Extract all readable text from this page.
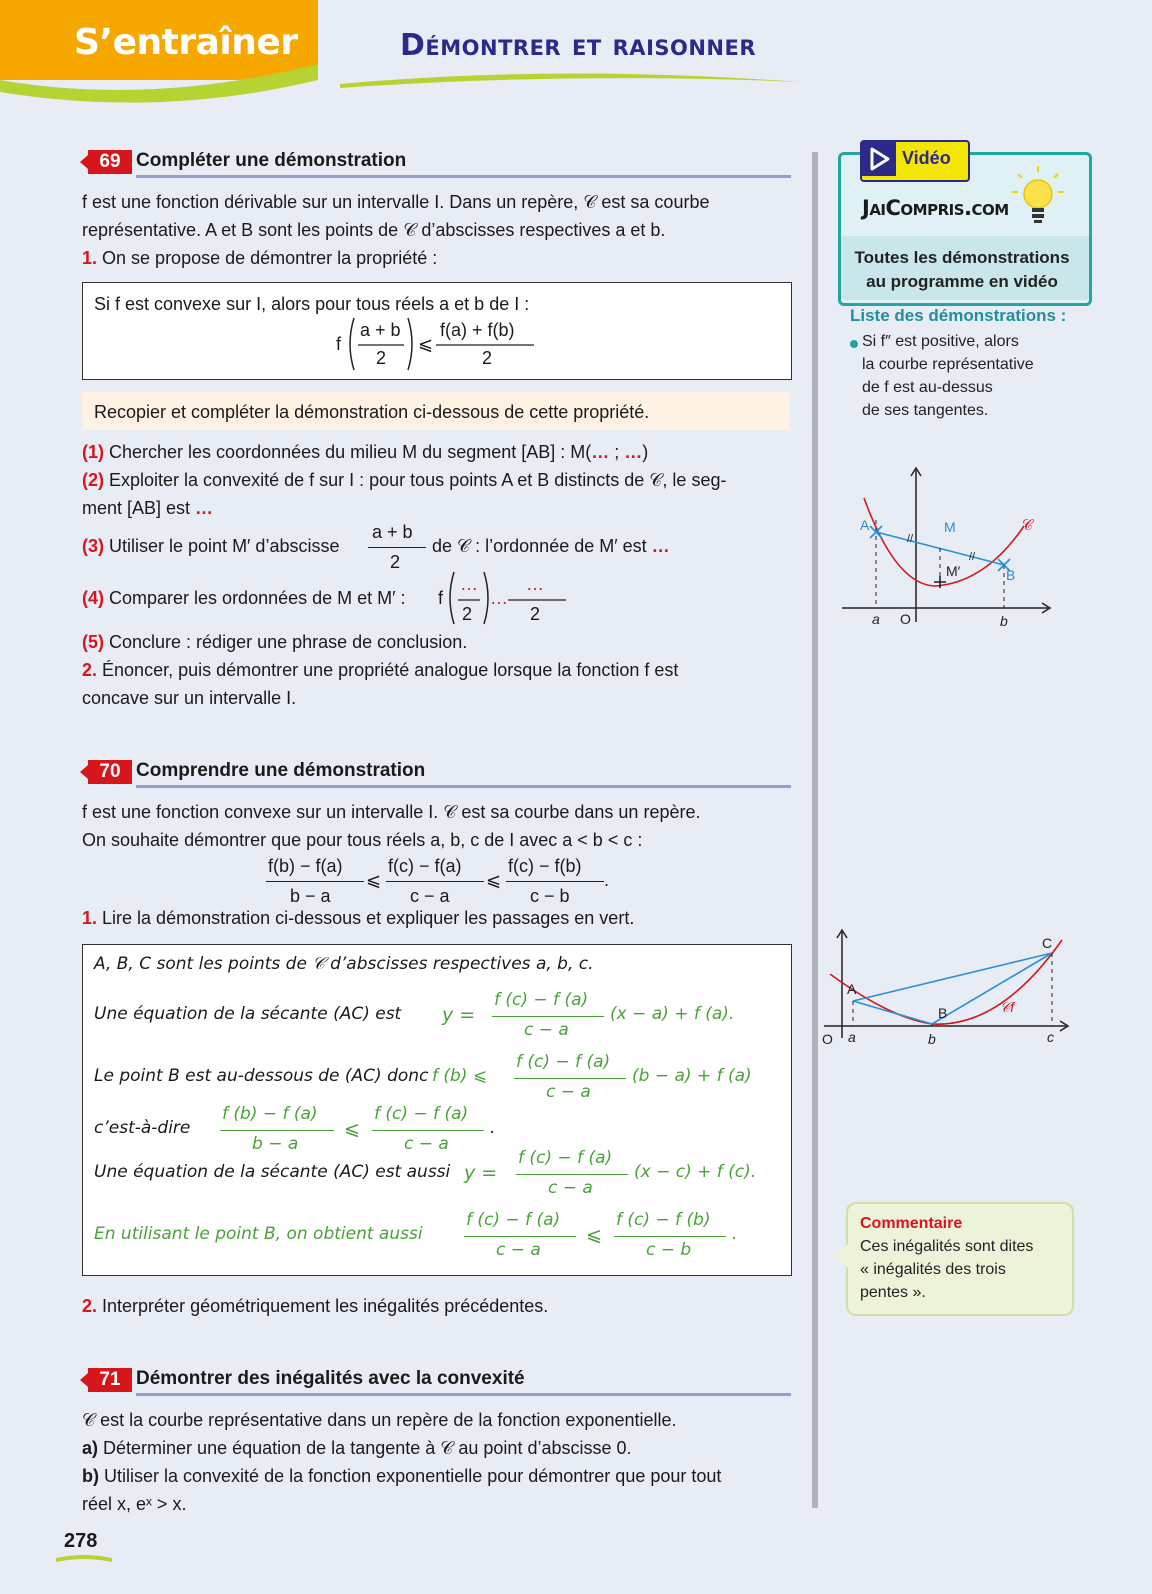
S’entraîner	Démontrer et raisonner
69 Compléter une démonstration
f est une fonction dérivable sur un intervalle I. Dans un repère, 𝒞 est sa courbe
représentative. A et B sont les points de 𝒞 d’abscisses respectives a et b.
1. On se propose de démontrer la propriété :
Si f est convexe sur I, alors pour tous réels a et b de I :
f
a + b
2
⩽
f(a) + f(b)
2
Recopier et compléter la démonstration ci-dessous de cette propriété.
(1) Chercher les coordonnées du milieu M du segment [AB] : M(… ; …)
(2) Exploiter la convexité de f sur I : pour tous points A et B distincts de 𝒞, le seg-
ment [AB] est …
(3) Utiliser le point M′ d’abscisse
a + b
2
de 𝒞 : l’ordonnée de M′ est …
(4) Comparer les ordonnées de M et M′ : f
…
2
…
…
2
(5) Conclure : rédiger une phrase de conclusion.
2. Énoncer, puis démontrer une propriété analogue lorsque la fonction f est
concave sur un intervalle I.
70 Comprendre une démonstration
f est une fonction convexe sur un intervalle I. 𝒞 est sa courbe dans un repère.
On souhaite démontrer que pour tous réels a, b, c de I avec a < b < c :
f(b) − f(a)
b − a
⩽
f(c) − f(a)
c − a
⩽
f(c) − f(b)
c − b
.
1. Lire la démonstration ci-dessous et expliquer les passages en vert.
A, B, C sont les points de 𝒞 d’abscisses respectives a, b, c.
Une équation de la sécante (AC) est y =
f (c) − f (a)
c − a
(x − a) + f (a).
Le point B est au-dessous de (AC) donc f (b) ⩽
f (c) − f (a)
c − a
(b − a) + f (a)
c’est-à-dire
f (b) − f (a)
b − a
⩽
f (c) − f (a)
c − a
.
Une équation de la sécante (AC) est aussi y =
f (c) − f (a)
c − a
(x − c) + f (c).
En utilisant le point B, on obtient aussi
f (c) − f (a)
c − a
⩽
f (c) − f (b)
c − b
.
2. Interpréter géométriquement les inégalités précédentes.
71 Démontrer des inégalités avec la convexité
𝒞 est la courbe représentative dans un repère de la fonction exponentielle.
a) Déterminer une équation de la tangente à 𝒞 au point d’abscisse 0.
b) Utiliser la convexité de la fonction exponentielle pour démontrer que pour tout
réel x, eˣ > x.
278
Vidéo
JaiCompris.com
Toutes les démonstrations
au programme en vidéo
Liste des démonstrations :
Si f″ est positive, alors
la courbe représentative
de f est au-dessus
de ses tangentes.
//
//
A	M
M′	B
𝒞
a O	b
A
B
C
𝒞f
O a	b	c
Commentaire
Ces inégalités sont dites
« inégalités des trois
pentes ».
